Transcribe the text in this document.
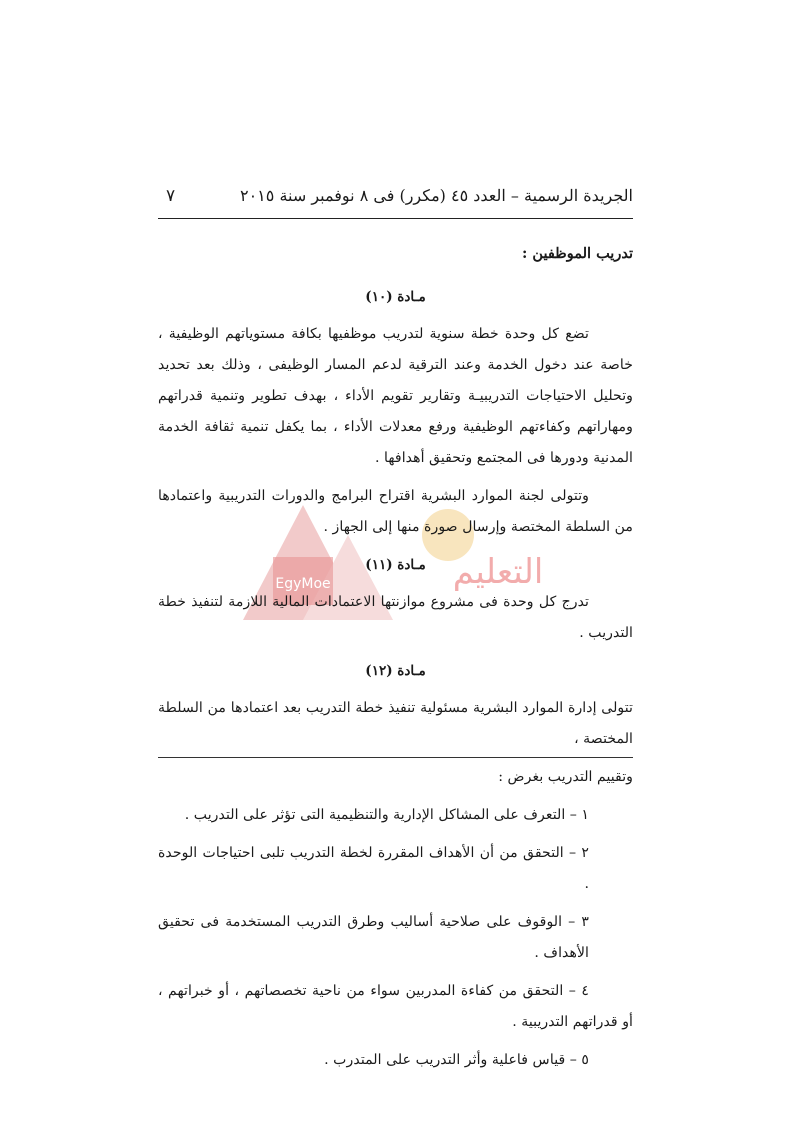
الجريدة الرسمية – العدد ٤٥ (مكرر) فى ٨ نوفمبر سنة ٢٠١٥
٧
EgyMoe	التعليم
تدريب الموظفين :
مـادة (١٠)

تضع كل وحدة خطة سنوية لتدريب موظفيها بكافة مستوياتهم الوظيفية ، خاصة عند دخول الخدمة وعند الترقية لدعم المسار الوظيفى ، وذلك بعد تحديد وتحليل الاحتياجات التدريبيـة وتقارير تقويم الأداء ، بهدف تطوير وتنمية قدراتهم ومهاراتهم وكفاءتهم الوظيفية ورفع معدلات الأداء ، بما يكفل تنمية ثقافة الخدمة المدنية ودورها فى المجتمع وتحقيق أهدافها .

وتتولى لجنة الموارد البشرية اقتراح البرامج والدورات التدريبية واعتمادها من السلطة المختصة وإرسال صورة منها إلى الجهاز .

مـادة (١١)

تدرج كل وحدة فى مشروع موازنتها الاعتمادات المالية اللازمة لتنفيذ خطة التدريب .

مـادة (١٢)

تتولى إدارة الموارد البشرية مسئولية تنفيذ خطة التدريب بعد اعتمادها من السلطة المختصة ،

وتقييم التدريب بغرض :

١ – التعرف على المشاكل الإدارية والتنظيمية التى تؤثر على التدريب .
٢ – التحقق من أن الأهداف المقررة لخطة التدريب تلبى احتياجات الوحدة .
٣ – الوقوف على صلاحية أساليب وطرق التدريب المستخدمة فى تحقيق الأهداف .
٤ – التحقق من كفاءة المدربين سواء من ناحية تخصصاتهم ، أو خبراتهم ، أو قدراتهم التدريبية .
٥ – قياس فاعلية وأثر التدريب على المتدرب .
